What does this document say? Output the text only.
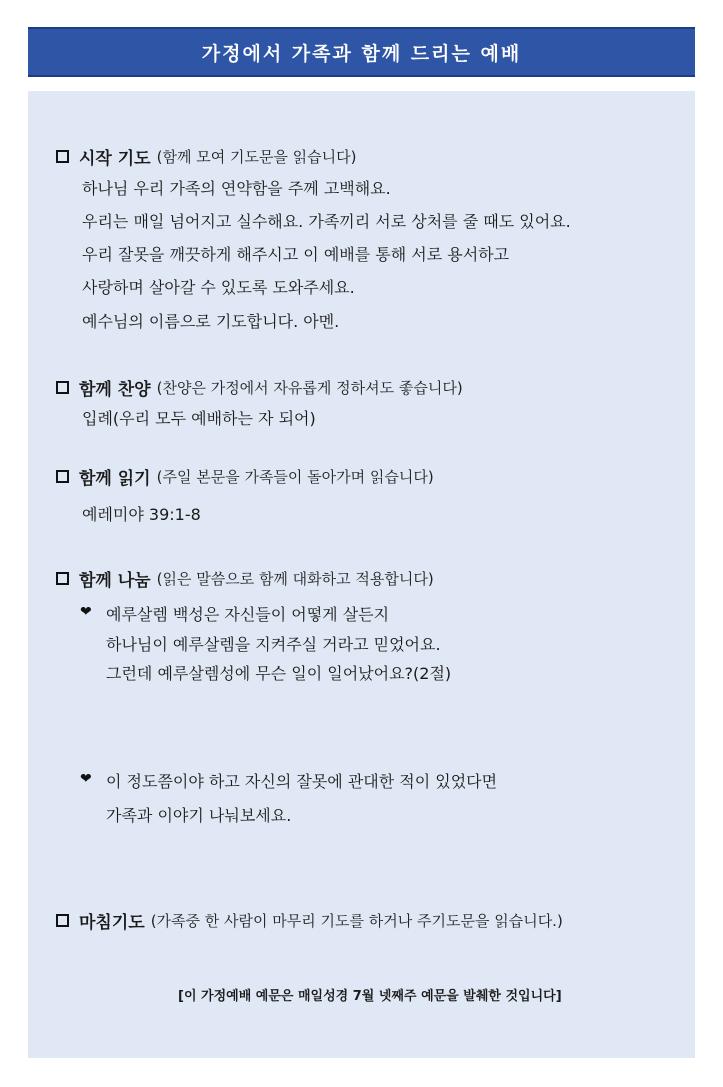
가정에서 가족과 함께 드리는 예배
시작 기도 (함께 모여 기도문을 읽습니다)
하나님 우리 가족의 연약함을 주께 고백해요.
우리는 매일 넘어지고 실수해요. 가족끼리 서로 상처를 줄 때도 있어요.
우리 잘못을 깨끗하게 해주시고 이 예배를 통해 서로 용서하고
사랑하며 살아갈 수 있도록 도와주세요.
예수님의 이름으로 기도합니다. 아멘.
함께 찬양 (찬양은 가정에서 자유롭게 정하셔도 좋습니다)
입례(우리 모두 예배하는 자 되어)
함께 읽기 (주일 본문을 가족들이 돌아가며 읽습니다)
예레미야 39:1-8
함께 나눔 (읽은 말씀으로 함께 대화하고 적용합니다)
❤ 예루살렘 백성은 자신들이 어떻게 살든지
하나님이 예루살렘을 지켜주실 거라고 믿었어요.
그런데 예루살렘성에 무슨 일이 일어났어요?(2절)
❤ 이 정도쯤이야 하고 자신의 잘못에 관대한 적이 있었다면
가족과 이야기 나눠보세요.
마침기도 (가족중 한 사람이 마무리 기도를 하거나 주기도문을 읽습니다.)
[이 가정예배 예문은 매일성경 7월 넷째주 예문을 발췌한 것입니다]
